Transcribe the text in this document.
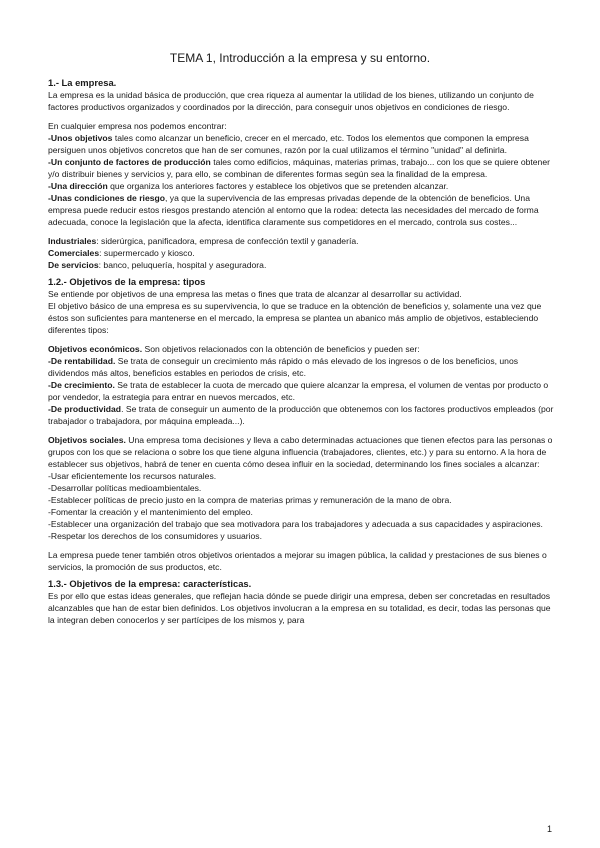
TEMA 1, Introducción a la empresa y su entorno.
1.- La empresa.

La empresa es la unidad básica de producción, que crea riqueza al aumentar la utilidad de los bienes, utilizando un conjunto de factores productivos organizados y coordinados por la dirección, para conseguir unos objetivos en condiciones de riesgo.

En cualquier empresa nos podemos encontrar:

-Unos objetivos tales como alcanzar un beneficio, crecer en el mercado, etc. Todos los elementos que componen la empresa persiguen unos objetivos concretos que han de ser comunes, razón por la cual utilizamos el término "unidad" al definirla.

-Un conjunto de factores de producción tales como edificios, máquinas, materias primas, trabajo... con los que se quiere obtener y/o distribuir bienes y servicios y, para ello, se combinan de diferentes formas según sea la finalidad de la empresa.

-Una dirección que organiza los anteriores factores y establece los objetivos que se pretenden alcanzar.

-Unas condiciones de riesgo, ya que la supervivencia de las empresas privadas depende de la obtención de beneficios. Una empresa puede reducir estos riesgos prestando atención al entorno que la rodea: detecta las necesidades del mercado de forma adecuada, conoce la legislación que la afecta, identifica claramente sus competidores en el mercado, controla sus costes...

Industriales: siderúrgica, panificadora, empresa de confección textil y ganadería.

Comerciales: supermercado y kiosco.

De servicios: banco, peluquería, hospital y aseguradora.

1.2.- Objetivos de la empresa: tipos

Se entiende por objetivos de una empresa las metas o fines que trata de alcanzar al desarrollar su actividad.

El objetivo básico de una empresa es su supervivencia, lo que se traduce en la obtención de beneficios y, solamente una vez que éstos son suficientes para mantenerse en el mercado, la empresa se plantea un abanico más amplio de objetivos, estableciendo diferentes tipos:

Objetivos económicos. Son objetivos relacionados con la obtención de beneficios y pueden ser:

-De rentabilidad. Se trata de conseguir un crecimiento más rápido o más elevado de los ingresos o de los beneficios, unos dividendos más altos, beneficios estables en periodos de crisis, etc.

-De crecimiento. Se trata de establecer la cuota de mercado que quiere alcanzar la empresa, el volumen de ventas por producto o por vendedor, la estrategia para entrar en nuevos mercados, etc.

-De productividad. Se trata de conseguir un aumento de la producción que obtenemos con los factores productivos empleados (por trabajador o trabajadora, por máquina empleada...).

Objetivos sociales. Una empresa toma decisiones y lleva a cabo determinadas actuaciones que tienen efectos para las personas o grupos con los que se relaciona o sobre los que tiene alguna influencia (trabajadores, clientes, etc.) y para su entorno. A la hora de establecer sus objetivos, habrá de tener en cuenta cómo desea influir en la sociedad, determinando los fines sociales a alcanzar:

-Usar eficientemente los recursos naturales.

-Desarrollar políticas medioambientales.

-Establecer políticas de precio justo en la compra de materias primas y remuneración de la mano de obra.

-Fomentar la creación y el mantenimiento del empleo.

-Establecer una organización del trabajo que sea motivadora para los trabajadores y adecuada a sus capacidades y aspiraciones.

-Respetar los derechos de los consumidores y usuarios.

La empresa puede tener también otros objetivos orientados a mejorar su imagen pública, la calidad y prestaciones de sus bienes o servicios, la promoción de sus productos, etc.

1.3.- Objetivos de la empresa: características.

Es por ello que estas ideas generales, que reflejan hacia dónde se puede dirigir una empresa, deben ser concretadas en resultados alcanzables que han de estar bien definidos. Los objetivos involucran a la empresa en su totalidad, es decir, todas las personas que la integran deben conocerlos y ser partícipes de los mismos y, para

1
